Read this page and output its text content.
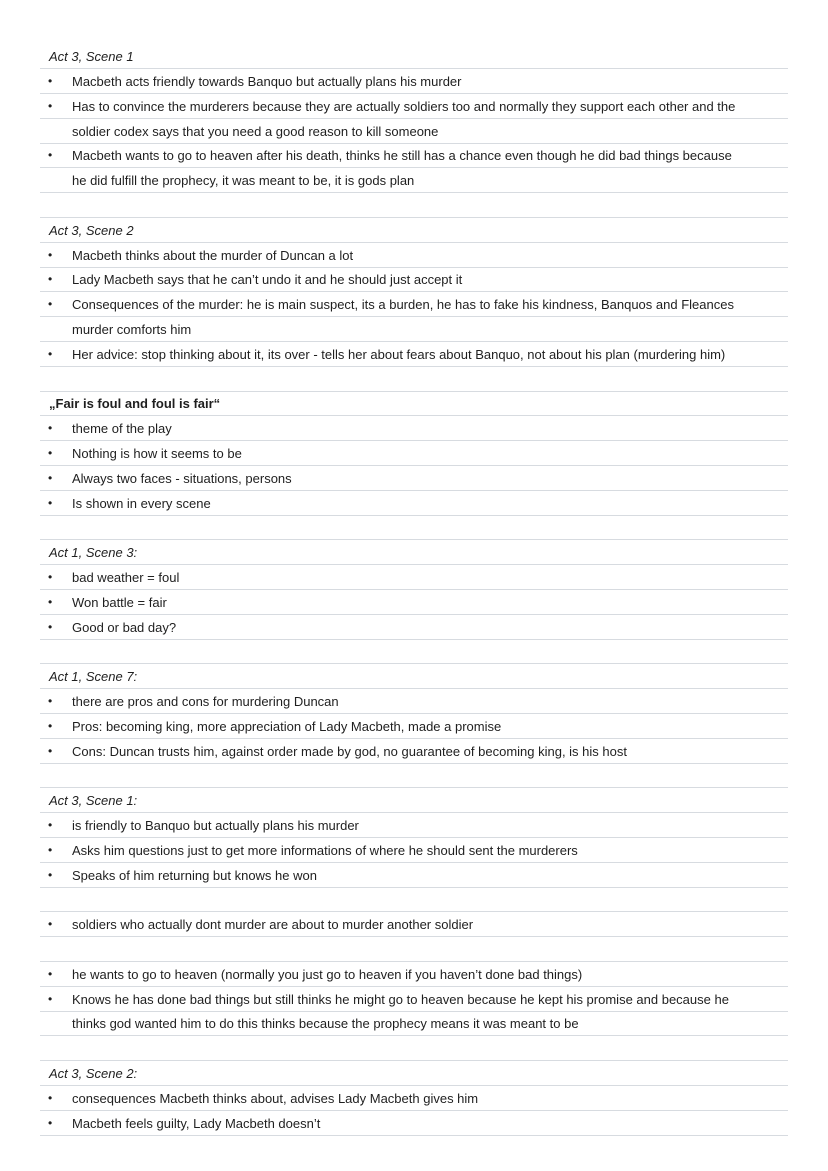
Act 3, Scene 1
• Macbeth acts friendly towards Banquo but actually plans his murder
• Has to convince the murderers because they are actually soldiers too and normally they support each other and the
soldier codex says that you need a good reason to kill someone
• Macbeth wants to go to heaven after his death, thinks he still has a chance even though he did bad things because
he did fulfill the prophecy, it was meant to be, it is gods plan
Act 3, Scene 2
• Macbeth thinks about the murder of Duncan a lot
• Lady Macbeth says that he can’t undo it and he should just accept it
• Consequences of the murder: he is main suspect, its a burden, he has to fake his kindness, Banquos and Fleances
murder comforts him
• Her advice: stop thinking about it, its over - tells her about fears about Banquo, not about his plan (murdering him)
„Fair is foul and foul is fair“
• theme of the play
• Nothing is how it seems to be
• Always two faces - situations, persons
• Is shown in every scene
Act 1, Scene 3:
• bad weather = foul
• Won battle = fair
• Good or bad day?
Act 1, Scene 7:
• there are pros and cons for murdering Duncan
• Pros: becoming king, more appreciation of Lady Macbeth, made a promise
• Cons: Duncan trusts him, against order made by god, no guarantee of becoming king, is his host
Act 3, Scene 1:
• is friendly to Banquo but actually plans his murder
• Asks him questions just to get more informations of where he should sent the murderers
• Speaks of him returning but knows he won
• soldiers who actually dont murder are about to murder another soldier
• he wants to go to heaven (normally you just go to heaven if you haven’t done bad things)
• Knows he has done bad things but still thinks he might go to heaven because he kept his promise and because he
thinks god wanted him to do this thinks because the prophecy means it was meant to be
Act 3, Scene 2:
• consequences Macbeth thinks about, advises Lady Macbeth gives him
• Macbeth feels guilty, Lady Macbeth doesn’t
